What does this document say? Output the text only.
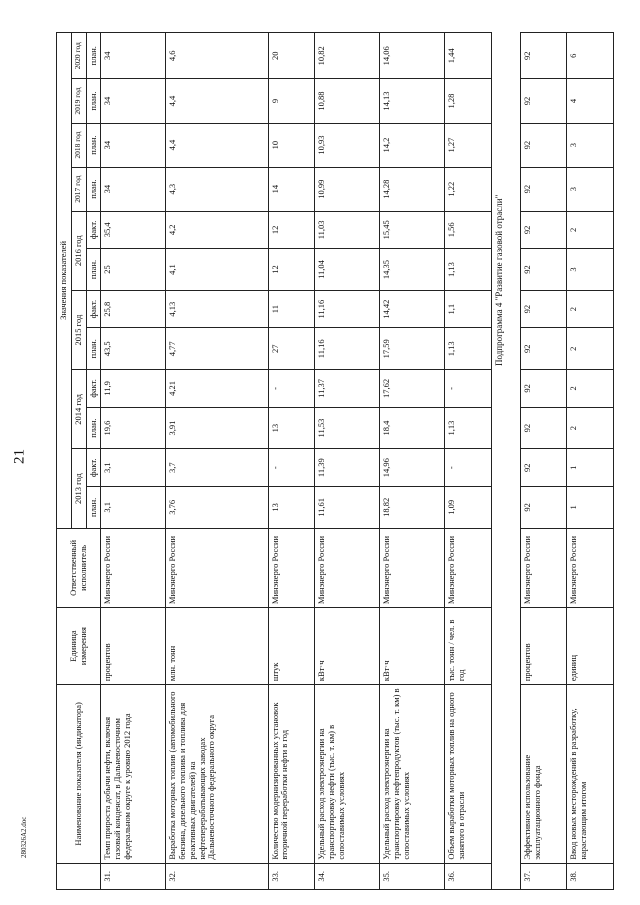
21
280326A2.doc
		Наименование показателя (индикатора)	Единица измерения	Ответственный исполнитель	Значения показателей											
				2013 год		2014 год		2015 год		2016 год		2017 год	2018 год	2019 год	2020 год
				план.	факт.	план.	факт.	план.	факт.	план.	факт.	план.	план.	план.	план.
31.	Темп прироста добычи нефти, включая газовый конденсат, в Дальневосточном федеральном округе к уровню 2012 года	процентов	Минэнерго России	3,1	3,1	19,6	11,9	43,5	25,8	25	35,4	34	34	34	34
32.	Выработка моторных топлив (автомобильного бензина, дизельного топлива и топлива для реактивных двигателей) на нефтеперерабатывающих заводах Дальневосточного федерального округа	млн. тонн	Минэнерго России	3,76	3,7	3,91	4,21	4,77	4,13	4,1	4,2	4,3	4,4	4,4	4,6
33.	Количество модернизированных установок вторичной переработки нефти в год	штук	Минэнерго России	13	-	13	-	27	11	12	12	14	10	9	20
34.	Удельный расход электроэнергии на транспортировку нефти (тыс. т. км) в сопоставимых условиях	кВт·ч	Минэнерго России	11,61	11,39	11,53	11,37	11,16	11,16	11,04	11,03	10,99	10,93	10,88	10,82
35.	Удельный расход электроэнергии на транспортировку нефтепродуктов (тыс. т. км) в сопоставимых условиях	кВт·ч	Минэнерго России	18,82	14,96	18,4	17,62	17,59	14,42	14,35	15,45	14,28	14,2	14,13	14,06
36.	Объем выработки моторных топлив на одного занятого в отрасли	тыс. тонн / чел. в год	Минэнерго России	1,09	-	1,13	-	1,13	1,1	1,13	1,56	1,22	1,27	1,28	1,44
				Подпрограмма 4 "Развитие газовой отрасли"											
37.	Эффективное использование эксплуатационного фонда	процентов	Минэнерго России	92	92	92	92	92	92	92	92	92	92	92	92
38.	Ввод новых месторождений в разработку, нарастающим итогом	единиц	Минэнерго России	1	1	2	2	2	2	3	2	3	3	4	6
